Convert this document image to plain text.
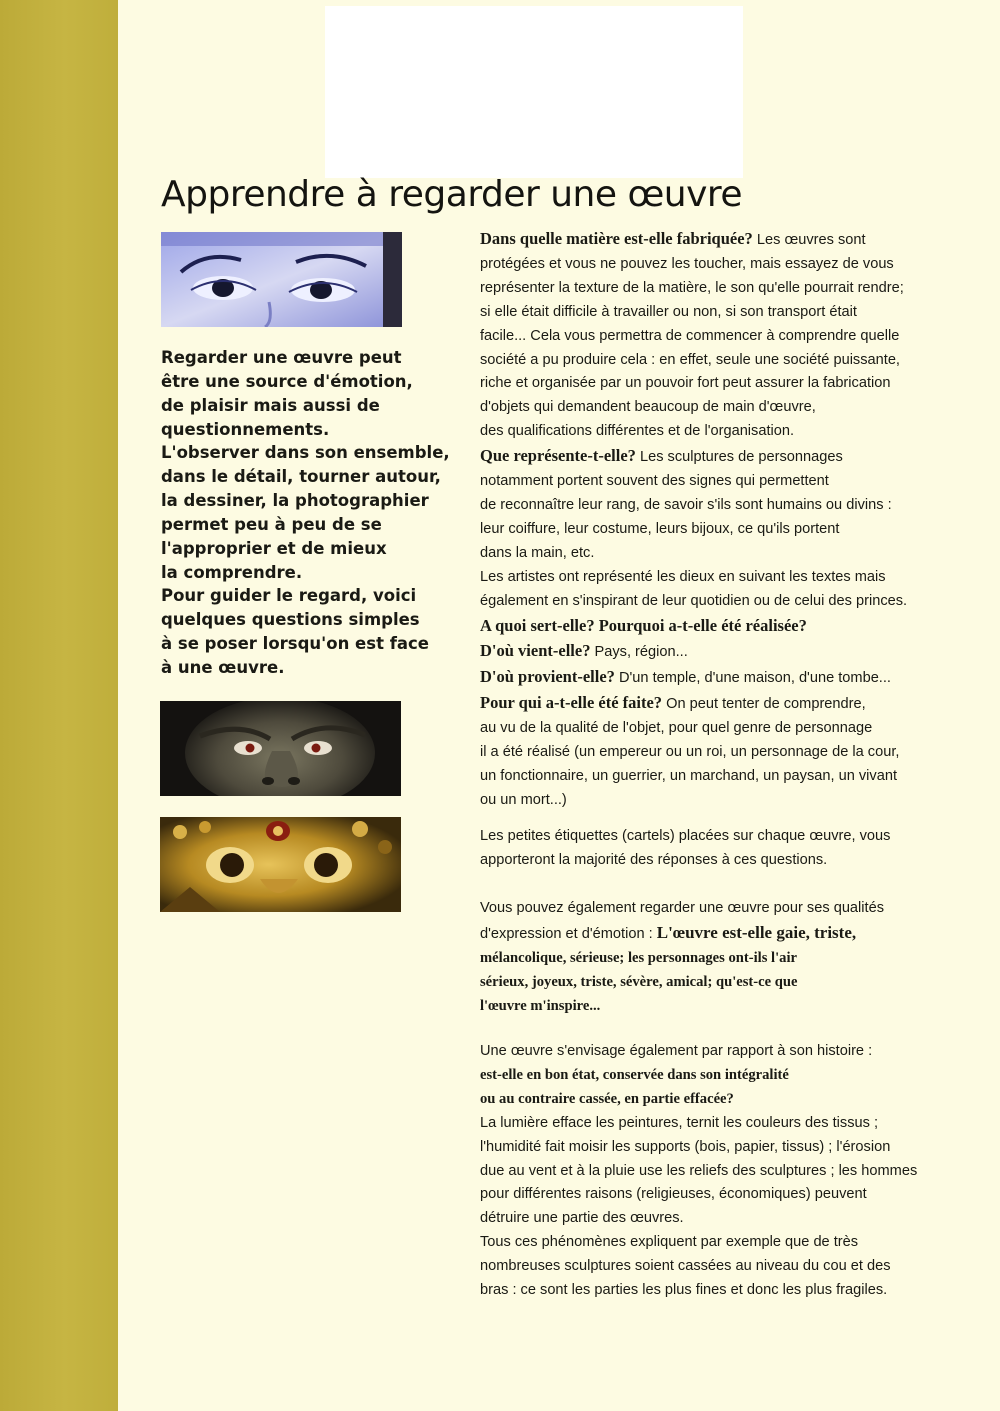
Apprendre à regarder une œuvre

Regarder une œuvre peut

être une source d'émotion,

de plaisir mais aussi de

questionnements.

L'observer dans son ensemble,

dans le détail, tourner autour,

la dessiner, la photographier

permet peu à peu de se

l'approprier et de mieux

la comprendre.

Pour guider le regard, voici

quelques questions simples

à se poser lorsqu'on est face

à une œuvre.

Dans quelle matière est-elle fabriquée? Les œuvres sont

protégées et vous ne pouvez les toucher, mais essayez de vous

représenter la texture de la matière, le son qu'elle pourrait rendre;

si elle était difficile à travailler ou non, si son transport était

facile... Cela vous permettra de commencer à comprendre quelle

société a pu produire cela : en effet, seule une société puissante,

riche et organisée par un pouvoir fort peut assurer la fabrication

d'objets qui demandent beaucoup de main d'œuvre,

des qualifications différentes et de l'organisation.

Que représente-t-elle? Les sculptures de personnages

notamment portent souvent des signes qui permettent

de reconnaître leur rang, de savoir s'ils sont humains ou divins :

leur coiffure, leur costume, leurs bijoux, ce qu'ils portent

dans la main, etc.

Les artistes ont représenté les dieux en suivant les textes mais

également en s'inspirant de leur quotidien ou de celui des princes.

A quoi sert-elle? Pourquoi a-t-elle été réalisée?

D'où vient-elle? Pays, région...

D'où provient-elle? D'un temple, d'une maison, d'une tombe...

Pour qui a-t-elle été faite? On peut tenter de comprendre,

au vu de la qualité de l'objet, pour quel genre de personnage

il a été réalisé (un empereur ou un roi, un personnage de la cour,

un fonctionnaire, un guerrier, un marchand, un paysan, un vivant

ou un mort...)

Les petites étiquettes (cartels) placées sur chaque œuvre, vous

apporteront la majorité des réponses à ces questions.

Vous pouvez également regarder une œuvre pour ses qualités

d'expression et d'émotion : L'œuvre est-elle gaie, triste,

mélancolique, sérieuse; les personnages ont-ils l'air

sérieux, joyeux, triste, sévère, amical; qu'est-ce que

l'œuvre m'inspire...

Une œuvre s'envisage également par rapport à son histoire :

est-elle en bon état, conservée dans son intégralité

ou au contraire cassée, en partie effacée?

La lumière efface les peintures, ternit les couleurs des tissus ;

l'humidité fait moisir les supports (bois, papier, tissus) ; l'érosion

due au vent et à la pluie use les reliefs des sculptures ; les hommes

pour différentes raisons (religieuses, économiques) peuvent

détruire une partie des œuvres.

Tous ces phénomènes expliquent par exemple que de très

nombreuses sculptures soient cassées au niveau du cou et des

bras : ce sont les parties les plus fines et donc les plus fragiles.
